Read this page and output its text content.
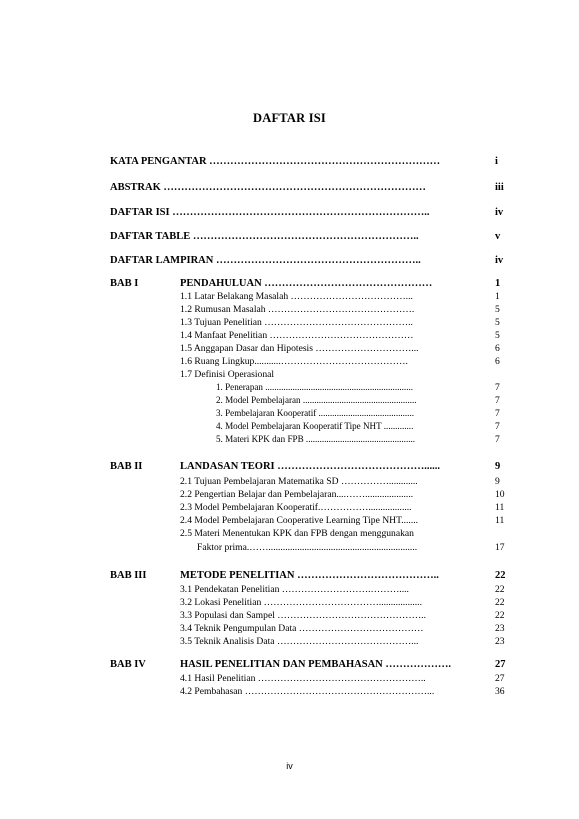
DAFTAR ISI
KATA PENGANTAR …………………………………………………………	i
ABSTRAK …………………………………………………………………	iii
DAFTAR ISI ………………………………………………………………..	iv
DAFTAR TABLE ………………………………………………………..	v
DAFTAR LAMPIRAN …………………………………………………..	iv
BAB I	PENDAHULUAN …………………………………………	1
1.1 Latar Belakang Masalah ………………………………...	1
1.2 Rumusan Masalah ……………………………………….	5
1.3 Tujuan Penelitian ………………………………………..	5
1.4 Manfaat Penelitian ………………………………………	5
1.5 Anggapan Dasar dan Hipotesis …………………………...	6
1.6 Ruang Lingkup...........………………………………….	6
1.7 Definisi Operasional
1. Penerapan .................................................................	7
2. Model Pembelajaran ..................................................	7
3. Pembelajaran Kooperatif ..........................................	7
4. Model Pembelajaran Kooperatif Tipe NHT .............	7
5. Materi KPK dan FPB ................................................	7
BAB II	LANDASAN TEORI ……………………………………......	9
2.1 Tujuan Pembelajaran Matematika SD ……………............	9
2.2 Pengertian Belajar dan Pembelajaran....……....................	10
2.3 Model Pembelajaran Kooperatif.……………..................	11
2.4 Model Pembelajaran Cooperative Learning Tipe NHT.......	11
2.5 Materi Menentukan KPK dan FPB dengan menggunakan
Faktor prima.……..............................................................	17
BAB III	METODE PENELITIAN …………………………………..	22
3.1 Pendekatan Penelitian ……………………….………....	22
3.2 Lokasi Penelitian ………………………………..................	22
3.3 Populasi dan Sampel ………………………………………..	22
3.4 Teknik Pengumpulan Data …………………………………	23
3.5 Teknik Analisis Data ……………………………………...	23
BAB IV	HASIL PENELITIAN DAN PEMBAHASAN ……………….	27
4.1 Hasil Penelitian ……………………………………………..	27
4.2 Pembahasan …………………………………………………...	36
iv
